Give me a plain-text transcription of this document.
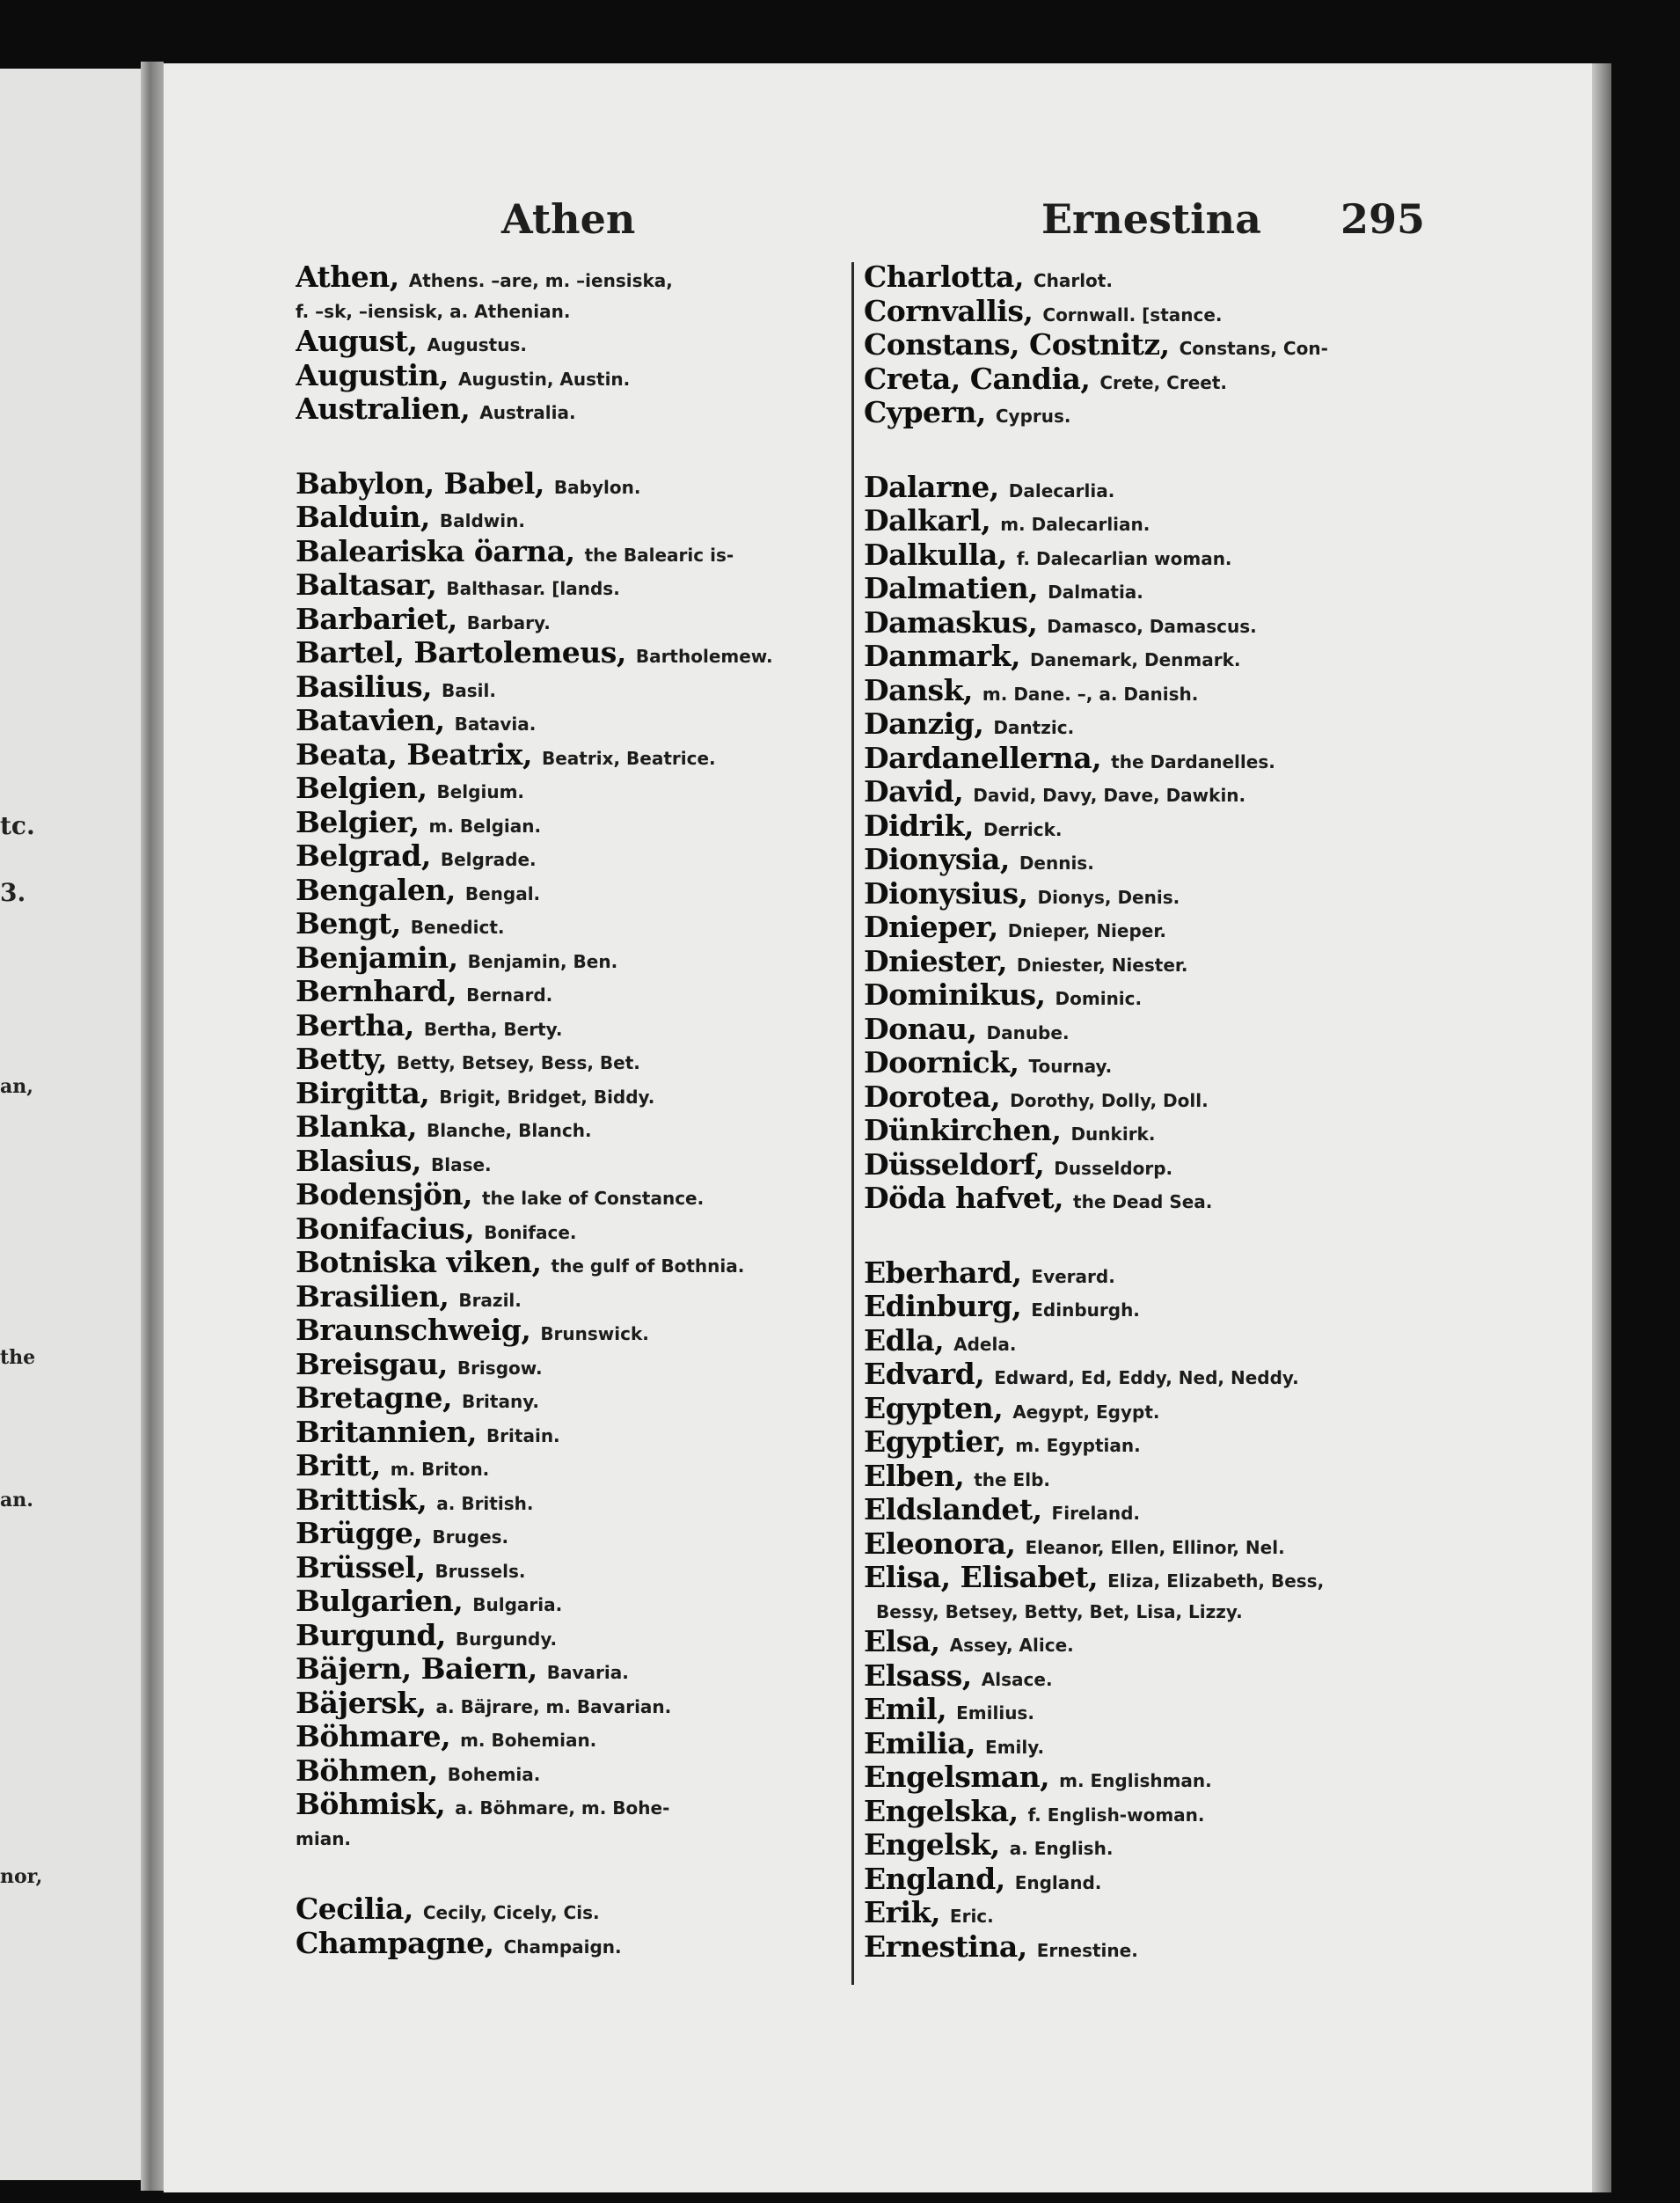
tc.
3.
an,
the
an.
nor,
Athen	Ernestina 295
Athen, Athens. –are, m. –iensiska,
f. –sk, –iensisk, a. Athenian.
August, Augustus.
Augustin, Augustin, Austin.
Australien, Australia.
Babylon, Babel, Babylon.
Balduin, Baldwin.
Baleariska öarna, the Balearic is-
Baltasar, Balthasar. [lands.
Barbariet, Barbary.
Bartel, Bartolemeus, Bartholemew.
Basilius, Basil.
Batavien, Batavia.
Beata, Beatrix, Beatrix, Beatrice.
Belgien, Belgium.
Belgier, m. Belgian.
Belgrad, Belgrade.
Bengalen, Bengal.
Bengt, Benedict.
Benjamin, Benjamin, Ben.
Bernhard, Bernard.
Bertha, Bertha, Berty.
Betty, Betty, Betsey, Bess, Bet.
Birgitta, Brigit, Bridget, Biddy.
Blanka, Blanche, Blanch.
Blasius, Blase.
Bodensjön, the lake of Constance.
Bonifacius, Boniface.
Botniska viken, the gulf of Bothnia.
Brasilien, Brazil.
Braunschweig, Brunswick.
Breisgau, Brisgow.
Bretagne, Britany.
Britannien, Britain.
Britt, m. Briton.
Brittisk, a. British.
Brügge, Bruges.
Brüssel, Brussels.
Bulgarien, Bulgaria.
Burgund, Burgundy.
Bäjern, Baiern, Bavaria.
Bäjersk, a. Bäjrare, m. Bavarian.
Böhmare, m. Bohemian.
Böhmen, Bohemia.
Böhmisk, a. Böhmare, m. Bohe-
mian.
Cecilia, Cecily, Cicely, Cis.
Champagne, Champaign.
Charlotta, Charlot.
Cornvallis, Cornwall. [stance.
Constans, Costnitz, Constans, Con-
Creta, Candia, Crete, Creet.
Cypern, Cyprus.
Dalarne, Dalecarlia.
Dalkarl, m. Dalecarlian.
Dalkulla, f. Dalecarlian woman.
Dalmatien, Dalmatia.
Damaskus, Damasco, Damascus.
Danmark, Danemark, Denmark.
Dansk, m. Dane. –, a. Danish.
Danzig, Dantzic.
Dardanellerna, the Dardanelles.
David, David, Davy, Dave, Dawkin.
Didrik, Derrick.
Dionysia, Dennis.
Dionysius, Dionys, Denis.
Dnieper, Dnieper, Nieper.
Dniester, Dniester, Niester.
Dominikus, Dominic.
Donau, Danube.
Doornick, Tournay.
Dorotea, Dorothy, Dolly, Doll.
Dünkirchen, Dunkirk.
Düsseldorf, Dusseldorp.
Döda hafvet, the Dead Sea.
Eberhard, Everard.
Edinburg, Edinburgh.
Edla, Adela.
Edvard, Edward, Ed, Eddy, Ned, Neddy.
Egypten, Aegypt, Egypt.
Egyptier, m. Egyptian.
Elben, the Elb.
Eldslandet, Fireland.
Eleonora, Eleanor, Ellen, Ellinor, Nel.
Elisa, Elisabet, Eliza, Elizabeth, Bess,
Bessy, Betsey, Betty, Bet, Lisa, Lizzy.
Elsa, Assey, Alice.
Elsass, Alsace.
Emil, Emilius.
Emilia, Emily.
Engelsman, m. Englishman.
Engelska, f. English-woman.
Engelsk, a. English.
England, England.
Erik, Eric.
Ernestina, Ernestine.
